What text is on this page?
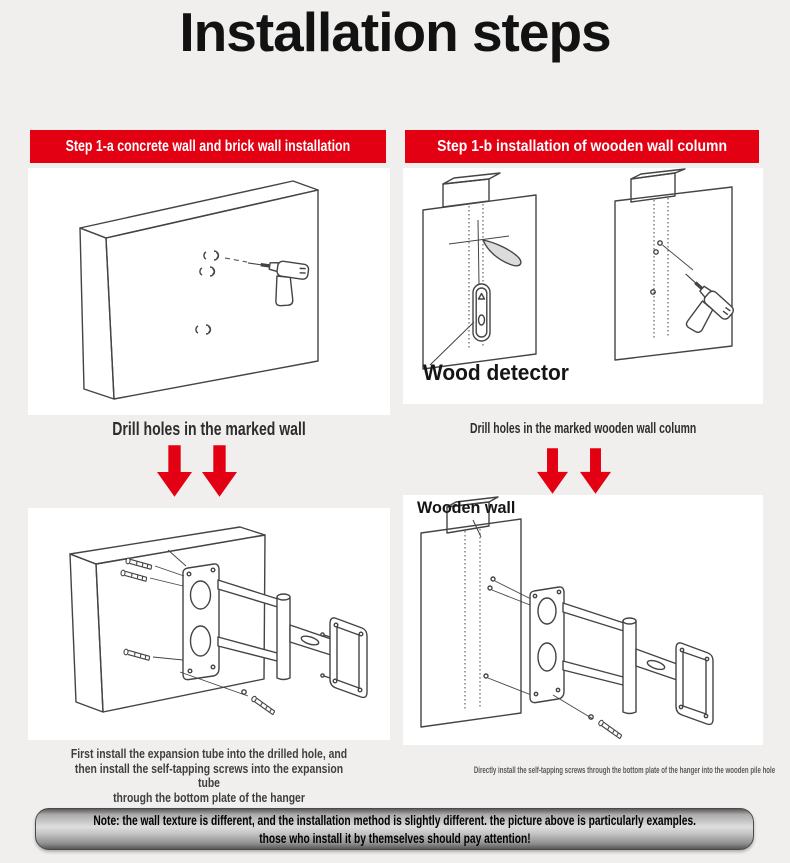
Installation steps
Step 1-a concrete wall and brick wall installation	Step 1-b installation of wooden wall column
Wood detector
Drill holes in the marked wall	Drill holes in the marked wooden wall column
Wooden wall
First install the expansion tube into the drilled hole, and
then install the self-tapping screws into the expansion tube
through the bottom plate of the hanger
Directly install the self-tapping screws through the bottom plate of the hanger into the wooden pile hole
Note: the wall texture is different, and the installation method is slightly different. the picture above is particularly examples.
those who install it by themselves should pay attention!
